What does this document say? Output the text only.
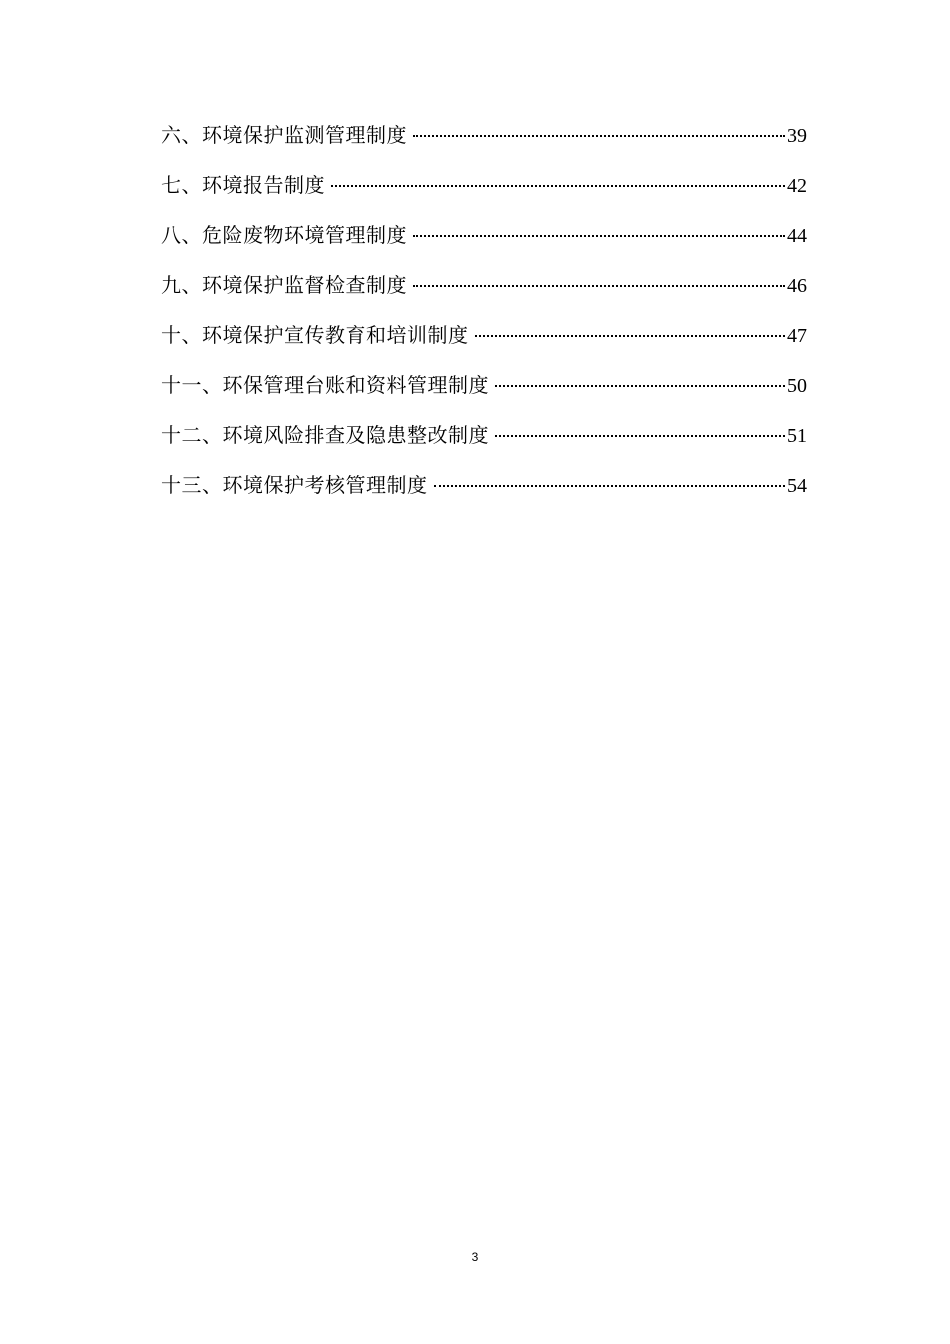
六、环境保护监测管理制度	39
七、环境报告制度	42
八、危险废物环境管理制度	44
九、环境保护监督检查制度	46
十、环境保护宣传教育和培训制度	47
十一、环保管理台账和资料管理制度	50
十二、环境风险排查及隐患整改制度	51
十三、环境保护考核管理制度	54
3
